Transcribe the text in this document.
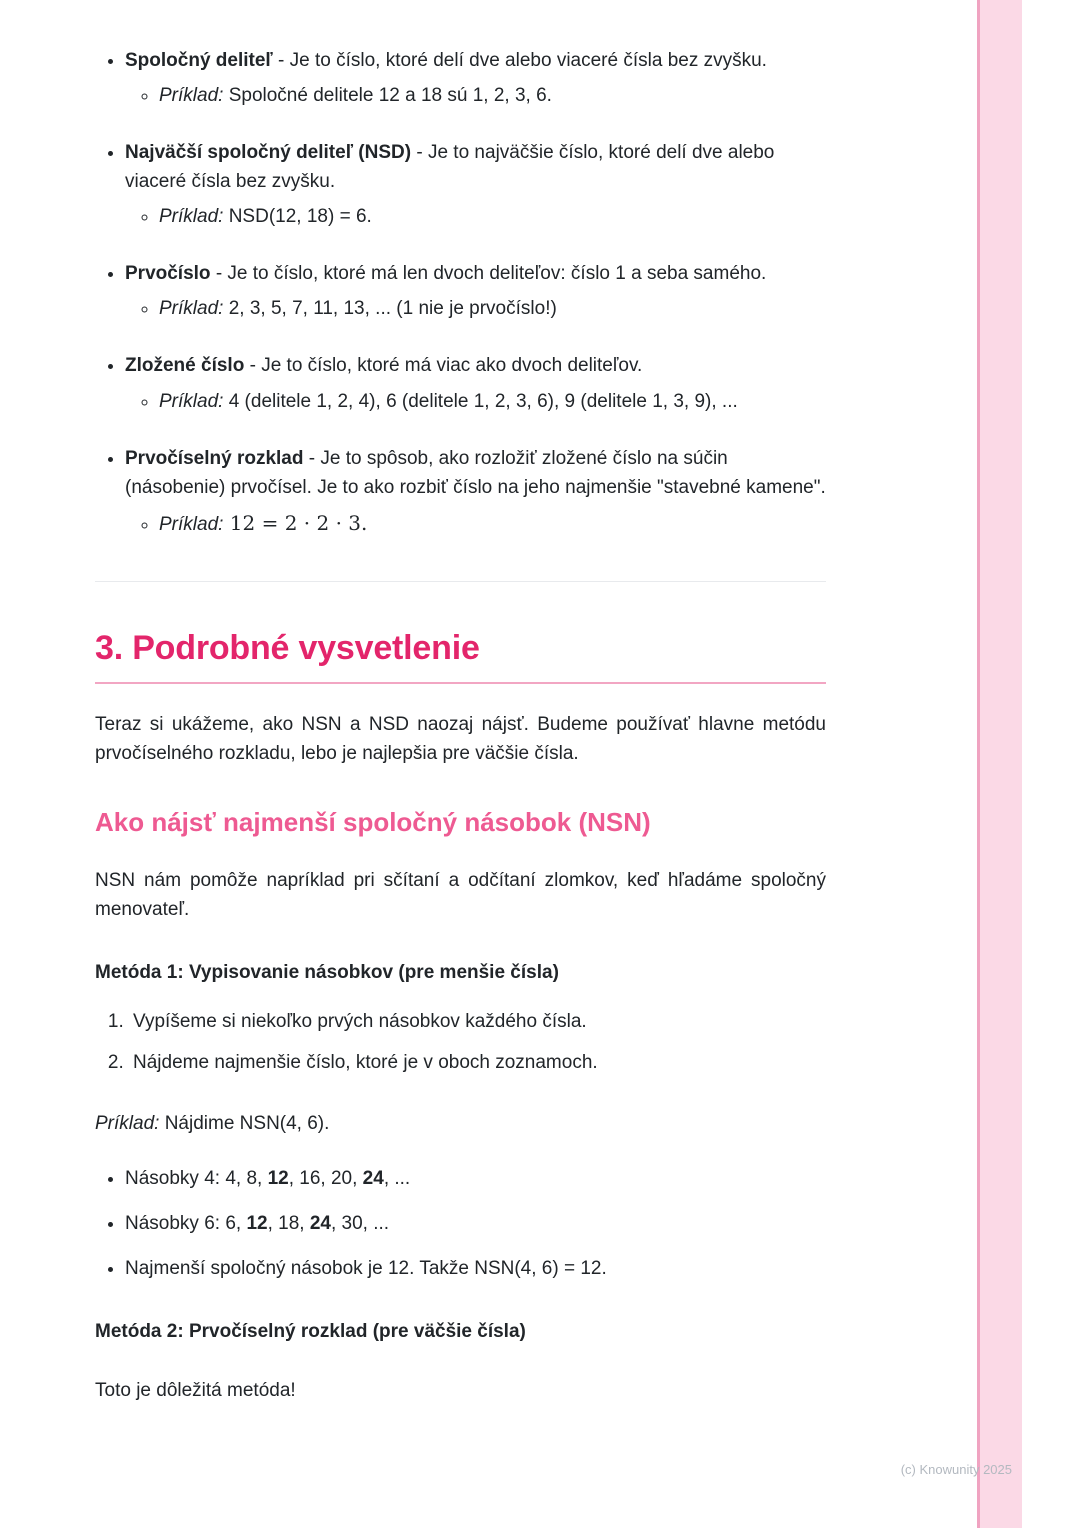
• Spoločný deliteľ - Je to číslo, ktoré delí dve alebo viaceré čísla bez zvyšku.

◦ Príklad: Spoločné delitele 12 a 18 sú 1, 2, 3, 6.

• Najväčší spoločný deliteľ (NSD) - Je to najväčšie číslo, ktoré delí dve alebo viaceré čísla bez zvyšku.

◦ Príklad: NSD(12, 18) = 6.

• Prvočíslo - Je to číslo, ktoré má len dvoch deliteľov: číslo 1 a seba samého.

◦ Príklad: 2, 3, 5, 7, 11, 13, ... (1 nie je prvočíslo!)

• Zložené číslo - Je to číslo, ktoré má viac ako dvoch deliteľov.

◦ Príklad: 4 (delitele 1, 2, 4), 6 (delitele 1, 2, 3, 6), 9 (delitele 1, 3, 9), ...

• Prvočíselný rozklad - Je to spôsob, ako rozložiť zložené číslo na súčin (násobenie) prvočísel. Je to ako rozbiť číslo na jeho najmenšie "stavebné kamene".

◦ Príklad: 12 = 2 · 2 · 3.
3. Podrobné vysvetlenie

Teraz si ukážeme, ako NSN a NSD naozaj nájsť. Budeme používať hlavne metódu prvočíselného rozkladu, lebo je najlepšia pre väčšie čísla.

Ako nájsť najmenší spoločný násobok (NSN)

NSN nám pomôže napríklad pri sčítaní a odčítaní zlomkov, keď hľadáme spoločný menovateľ.

Metóda 1: Vypisovanie násobkov (pre menšie čísla)
1. Vypíšeme si niekoľko prvých násobkov každého čísla.
2. Nájdeme najmenšie číslo, ktoré je v oboch zoznamoch.

Príklad: Nájdime NSN(4, 6).

• Násobky 4: 4, 8, 12, 16, 20, 24, ...
• Násobky 6: 6, 12, 18, 24, 30, ...
• Najmenší spoločný násobok je 12. Takže NSN(4, 6) = 12.
Metóda 2: Prvočíselný rozklad (pre väčšie čísla)

Toto je dôležitá metóda!

(c) Knowunity 2025
